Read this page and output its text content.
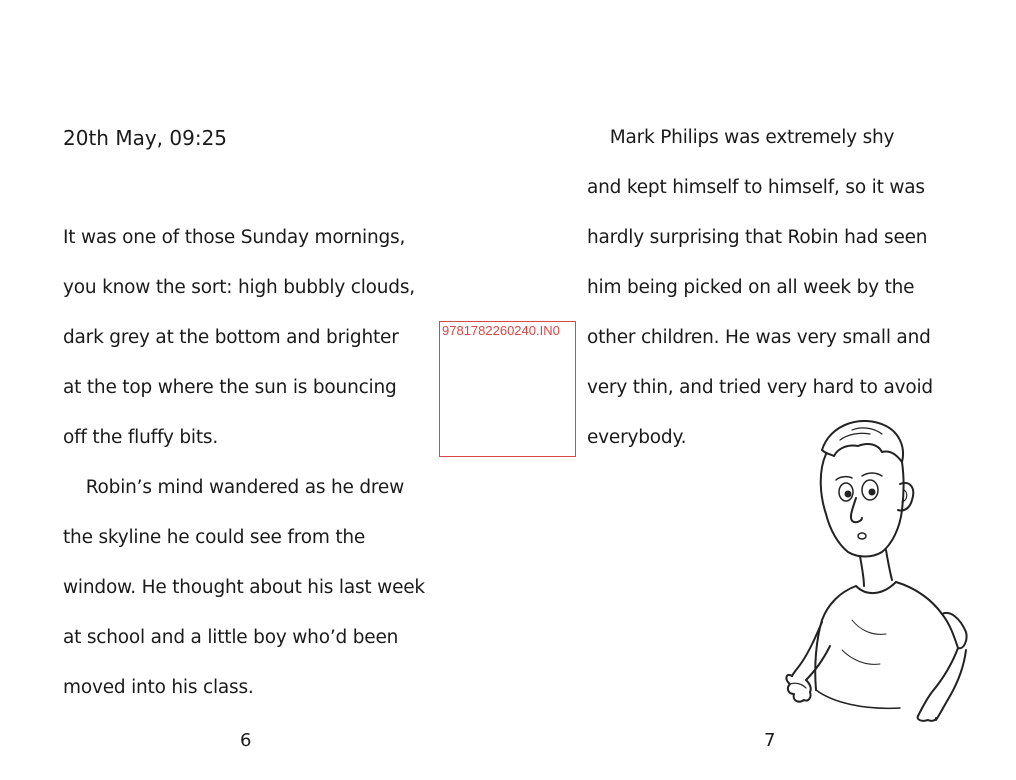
20th May, 09:25
It was one of those Sunday mornings,
you know the sort: high bubbly clouds,
dark grey at the bottom and brighter
at the top where the sun is bouncing
off the fluffy bits.
Robin’s mind wandered as he drew
the skyline he could see from the
window. He thought about his last week
at school and a little boy who’d been
moved into his class.
6
9781782260240.IN0
Mark Philips was extremely shy
and kept himself to himself, so it was
hardly surprising that Robin had seen
him being picked on all week by the
other children. He was very small and
very thin, and tried very hard to avoid
everybody.
7
